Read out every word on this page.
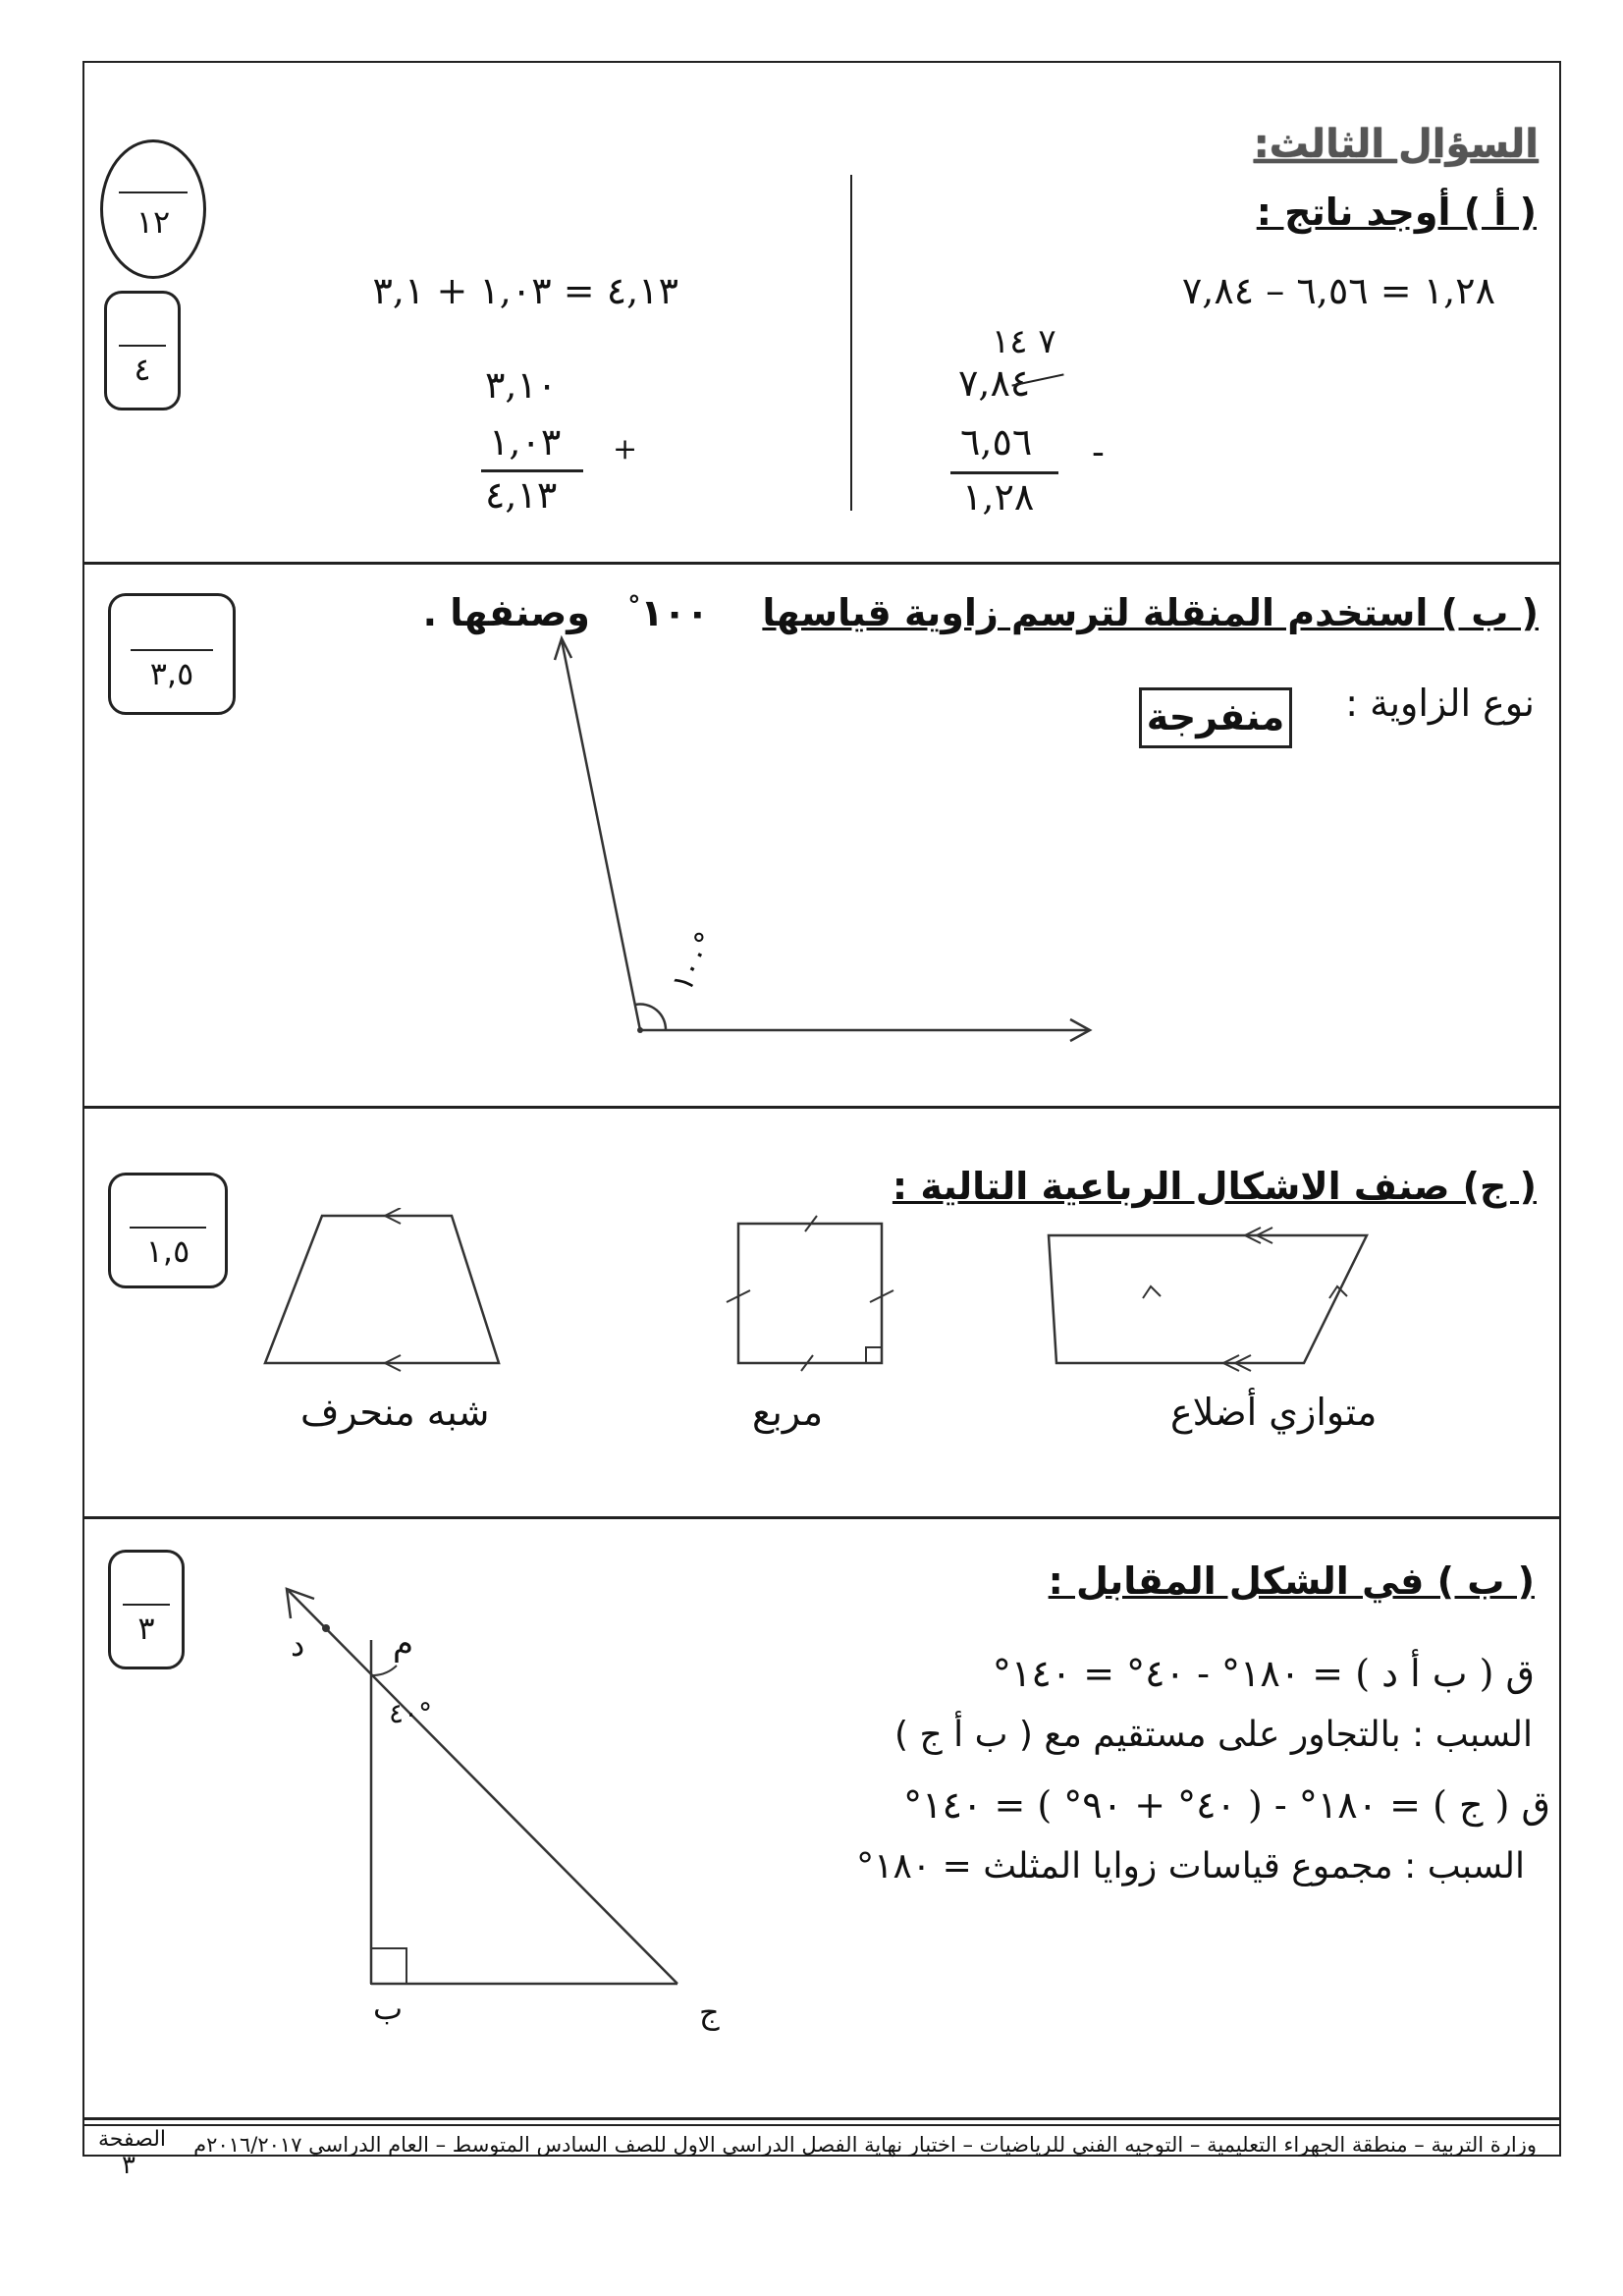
السؤال الثالث:
١٢
٤
( أ ) أوجد ناتج :
١,٢٨ = ٦,٥٦ – ٧,٨٤
٧ ١٤
٧,٨٤
-
٦,٥٦
١,٢٨
٤,١٣ = ١,٠٣ + ٣,١
٣,١٠
+
١,٠٣
٤,١٣
٣,٥
( ب ) استخدم المنقلة لترسم زاوية قياسها  ١٠٠°  وصنفها .
نوع الزاوية :
منفرجة
١٠٠°
١,٥
( ج) صنف الاشكال الرباعية التالية :
شبه منحرف	مربع	متوازي أضلاع
٣
( ب ) في الشكل المقابل :
ق ( ب أ د ) = ١٨٠° - ٤٠° = ١٤٠°
السبب : بالتجاور على مستقيم مع ( ب أ ج )
ق ( ج ) = ١٨٠° - ( ٤٠° + ٩٠° ) = ١٤٠°
السبب : مجموع قياسات زوايا المثلث = ١٨٠°
د	م
ب	ج
٤٠°
وزارة التربية – منطقة الجهراء التعليمية – التوجيه الفني للرياضيات – اختبار نهاية الفصل الدراسي الاول للصف السادس المتوسط – العام الدراسي ٢٠١٦/٢٠١٧م
الصفحة
٣
